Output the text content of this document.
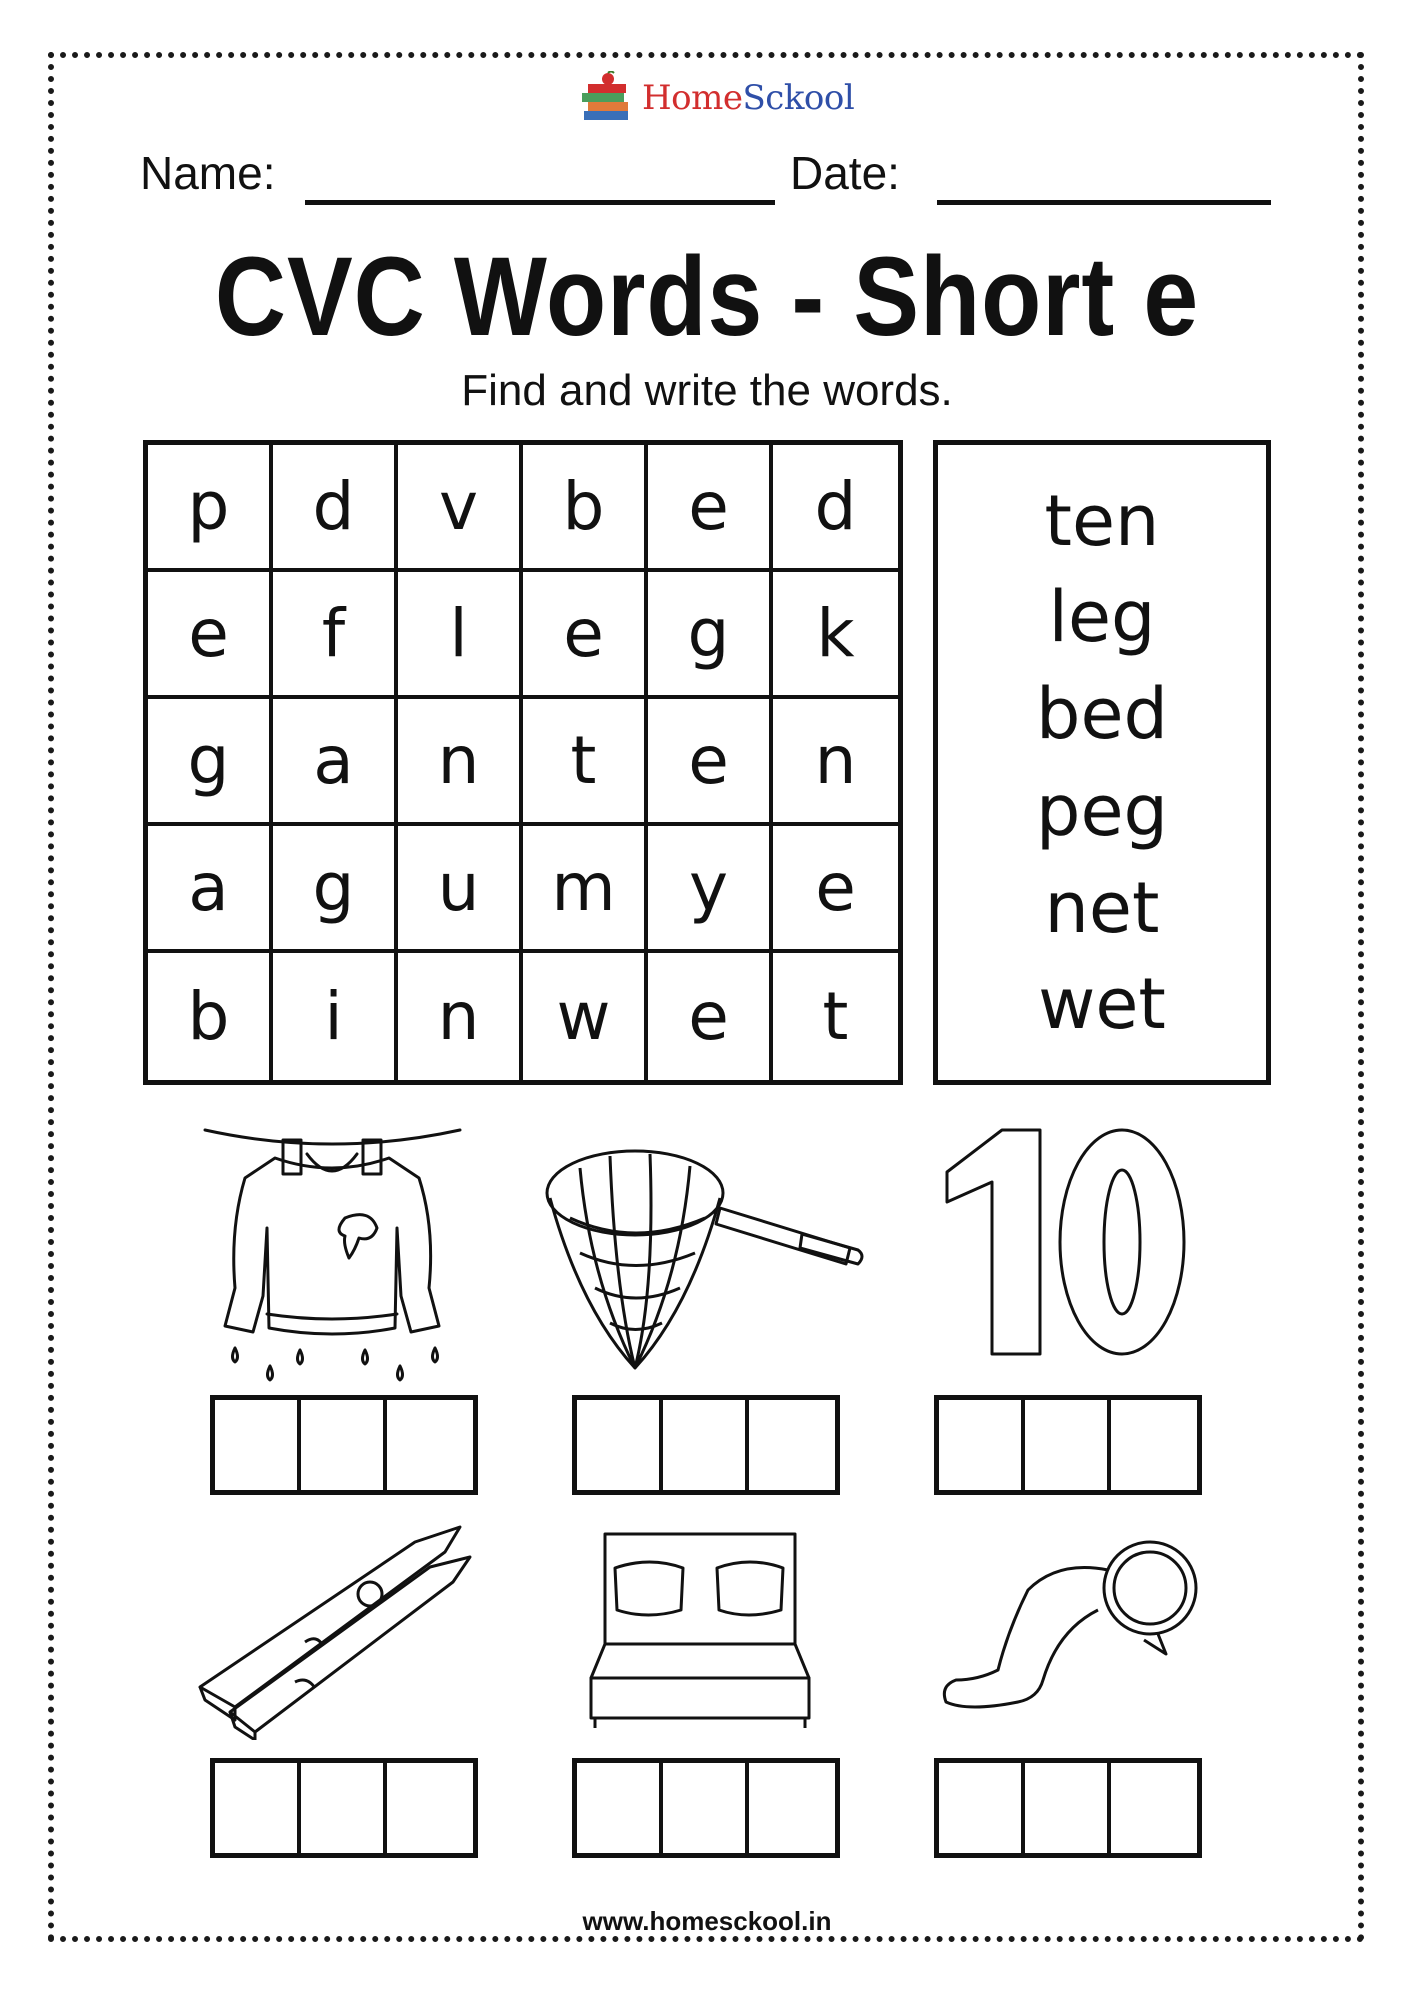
HomeSckool
Name:	Date:
CVC Words - Short e
Find and write the words.
p	d	v	b	e	d
e	f	l	e	g	k
g	a	n	t	e	n
a	g	u	m	y	e
b	i	n	w	e	t
ten
leg
bed
peg
net
wet
www.homesckool.in
